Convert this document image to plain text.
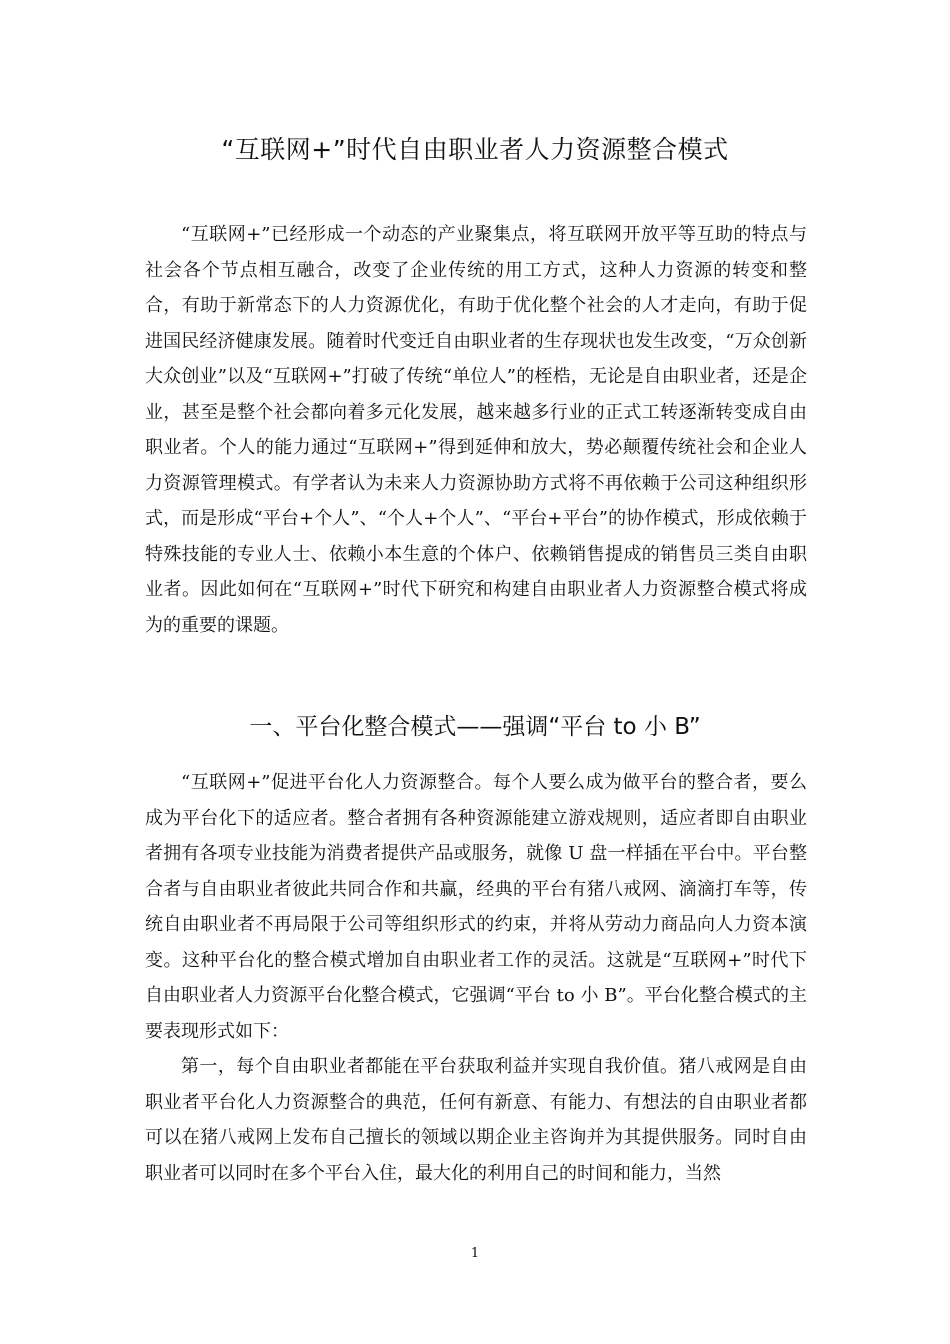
“互联网+”时代自由职业者人力资源整合模式

“互联网+”已经形成一个动态的产业聚集点，将互联网开放平等互助的特点与社会各个节点相互融合，改变了企业传统的用工方式，这种人力资源的转变和整合，有助于新常态下的人力资源优化，有助于优化整个社会的人才走向，有助于促进国民经济健康发展。随着时代变迁自由职业者的生存现状也发生改变，“万众创新 大众创业”以及“互联网+”打破了传统“单位人”的桎梏，无论是自由职业者，还是企业，甚至是整个社会都向着多元化发展，越来越多行业的正式工转逐渐转变成自由职业者。个人的能力通过“互联网+”得到延伸和放大，势必颠覆传统社会和企业人力资源管理模式。有学者认为未来人力资源协助方式将不再依赖于公司这种组织形式，而是形成“平台+个人”、“个人+个人”、“平台+平台”的协作模式，形成依赖于特殊技能的专业人士、依赖小本生意的个体户、依赖销售提成的销售员三类自由职业者。因此如何在“互联网+”时代下研究和构建自由职业者人力资源整合模式将成为的重要的课题。

一、平台化整合模式——强调“平台 to 小 B”

“互联网+”促进平台化人力资源整合。每个人要么成为做平台的整合者，要么成为平台化下的适应者。整合者拥有各种资源能建立游戏规则，适应者即自由职业者拥有各项专业技能为消费者提供产品或服务，就像 U 盘一样插在平台中。平台整合者与自由职业者彼此共同合作和共赢，经典的平台有猪八戒网、滴滴打车等，传统自由职业者不再局限于公司等组织形式的约束，并将从劳动力商品向人力资本演变。这种平台化的整合模式增加自由职业者工作的灵活。这就是“互联网+”时代下自由职业者人力资源平台化整合模式，它强调“平台 to 小 B”。平台化整合模式的主要表现形式如下：

第一，每个自由职业者都能在平台获取利益并实现自我价值。猪八戒网是自由职业者平台化人力资源整合的典范，任何有新意、有能力、有想法的自由职业者都可以在猪八戒网上发布自己擅长的领域以期企业主咨询并为其提供服务。同时自由职业者可以同时在多个平台入住，最大化的利用自己的时间和能力，当然

1
